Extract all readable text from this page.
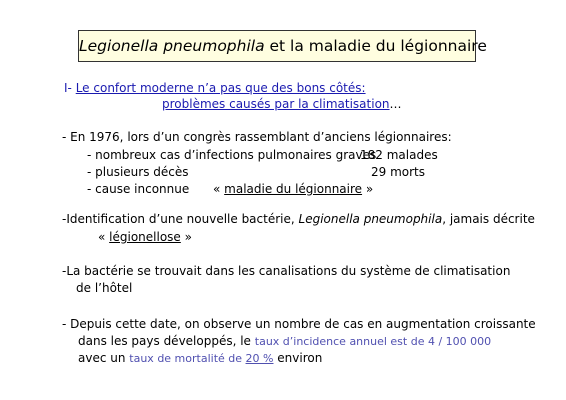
Legionella pneumophila et la maladie du légionnaire
I- Le confort moderne n’a pas que des bons côtés:
problèmes causés par la climatisation…
- En 1976, lors d’un congrès rassemblant d’anciens légionnaires:
- nombreux cas d’infections pulmonaires graves
182 malades
- plusieurs décès	29 morts
- cause inconnue « maladie du légionnaire »
-Identification d’une nouvelle bactérie, Legionella pneumophila, jamais décrite
« légionellose »
-La bactérie se trouvait dans les canalisations du système de climatisation
de l’hôtel
- Depuis cette date, on observe un nombre de cas en augmentation croissante
dans les pays développés, le taux d’incidence annuel est de 4 / 100 000
avec un taux de mortalité de 20 % environ
